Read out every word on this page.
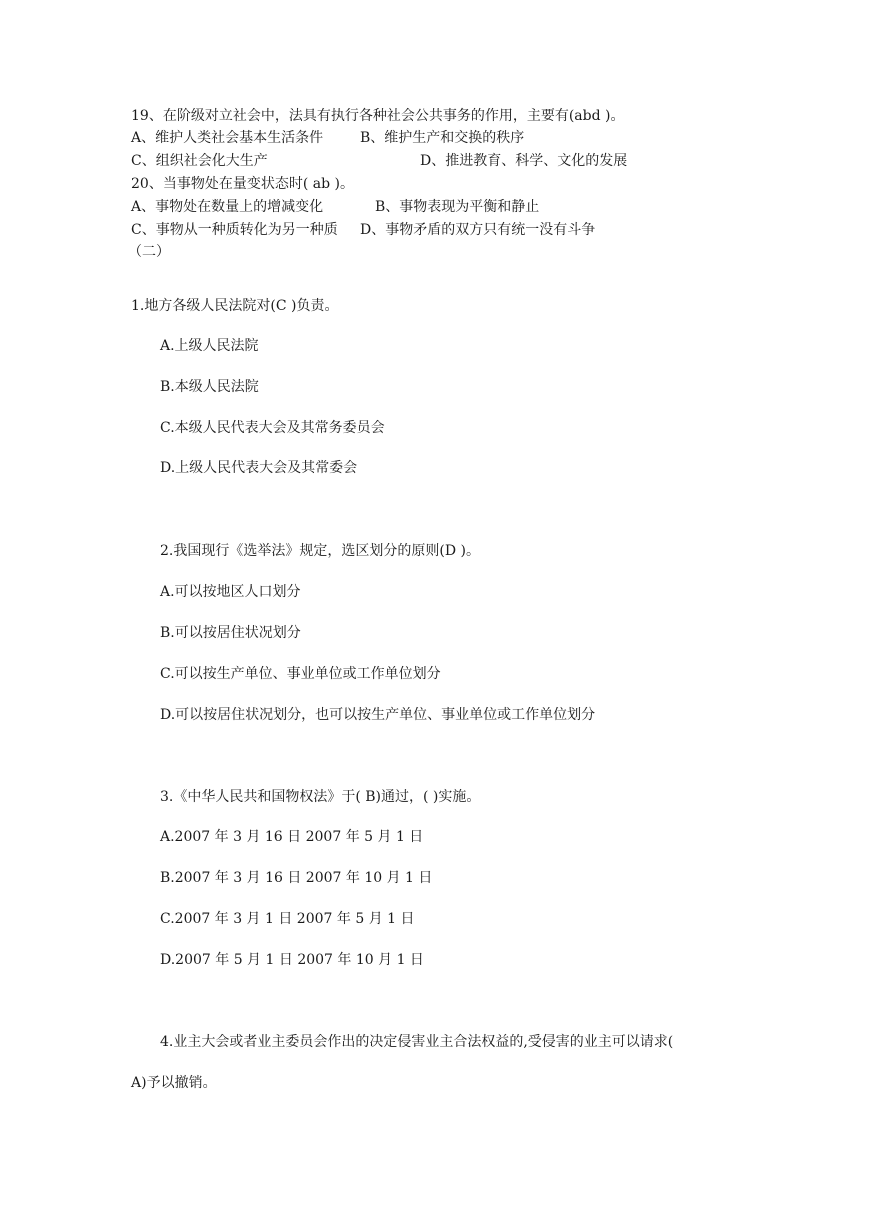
19、在阶级对立社会中，法具有执行各种社会公共事务的作用，主要有(abd )。
A、维护人类社会基本生活条件	B、维护生产和交换的秩序
C、组织社会化大生产	D、推进教育、科学、文化的发展
20、当事物处在量变状态时( ab )。
A、事物处在数量上的增减变化	B、事物表现为平衡和静止
C、事物从一种质转化为另一种质 D、事物矛盾的双方只有统一没有斗争
（二）
1.地方各级人民法院对(C )负责。
A.上级人民法院
B.本级人民法院
C.本级人民代表大会及其常务委员会
D.上级人民代表大会及其常委会
2.我国现行《选举法》规定，选区划分的原则(D )。
A.可以按地区人口划分
B.可以按居住状况划分
C.可以按生产单位、事业单位或工作单位划分
D.可以按居住状况划分，也可以按生产单位、事业单位或工作单位划分
3.《中华人民共和国物权法》于( B)通过，( )实施。
A.2007 年 3 月 16 日 2007 年 5 月 1 日
B.2007 年 3 月 16 日 2007 年 10 月 1 日
C.2007 年 3 月 1 日 2007 年 5 月 1 日
D.2007 年 5 月 1 日 2007 年 10 月 1 日
4.业主大会或者业主委员会作出的决定侵害业主合法权益的,受侵害的业主可以请求(
A)予以撤销。
